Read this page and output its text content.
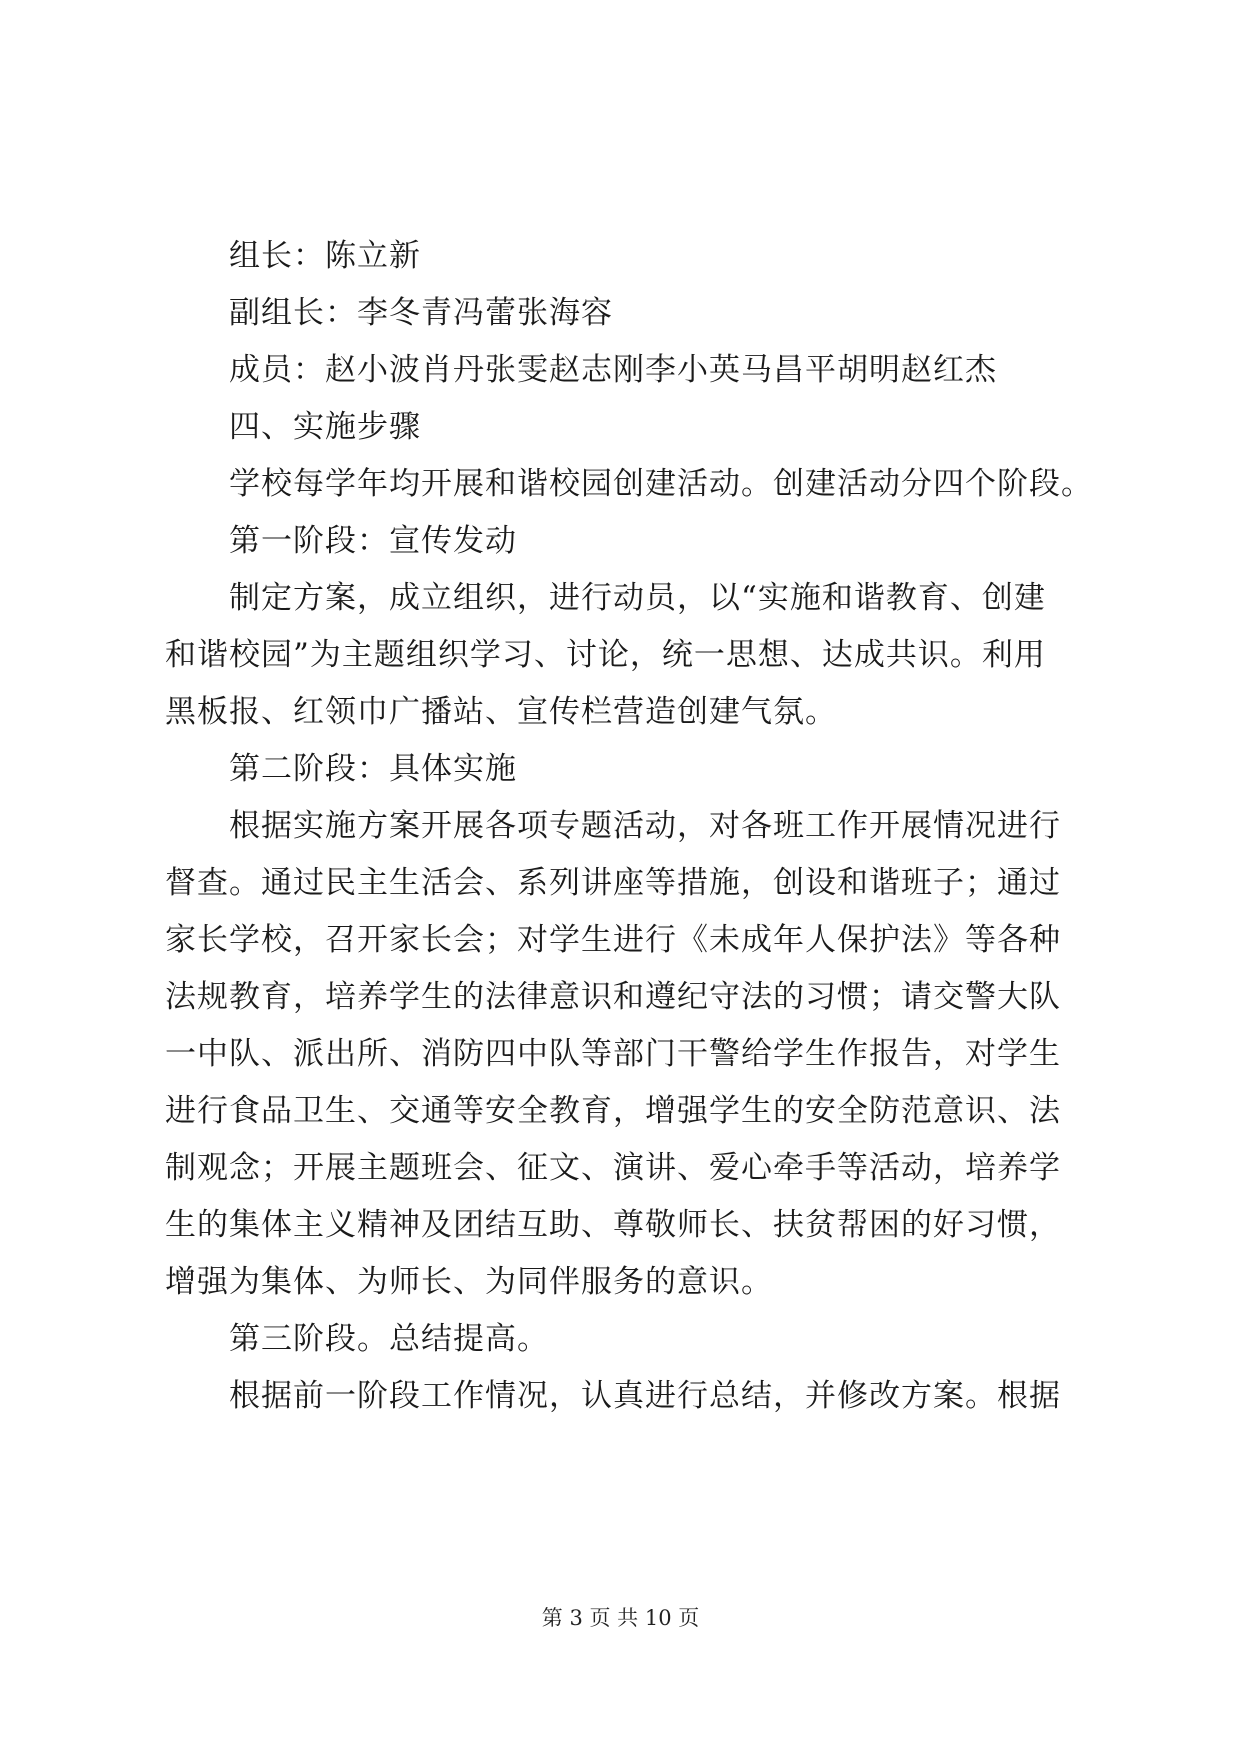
组长：陈立新
副组长：李冬青冯蕾张海容
成员：赵小波肖丹张雯赵志刚李小英马昌平胡明赵红杰
四、实施步骤
学校每学年均开展和谐校园创建活动。创建活动分四个阶段。
第一阶段：宣传发动
制定方案，成立组织，进行动员，以“实施和谐教育、创建
和谐校园”为主题组织学习、讨论，统一思想、达成共识。利用
黑板报、红领巾广播站、宣传栏营造创建气氛。
第二阶段：具体实施
根据实施方案开展各项专题活动，对各班工作开展情况进行
督查。通过民主生活会、系列讲座等措施，创设和谐班子；通过
家长学校，召开家长会；对学生进行《未成年人保护法》等各种
法规教育，培养学生的法律意识和遵纪守法的习惯；请交警大队
一中队、派出所、消防四中队等部门干警给学生作报告，对学生
进行食品卫生、交通等安全教育，增强学生的安全防范意识、法
制观念；开展主题班会、征文、演讲、爱心牵手等活动，培养学
生的集体主义精神及团结互助、尊敬师长、扶贫帮困的好习惯，
增强为集体、为师长、为同伴服务的意识。
第三阶段。总结提高。
根据前一阶段工作情况，认真进行总结，并修改方案。根据
第 3 页 共 10 页
